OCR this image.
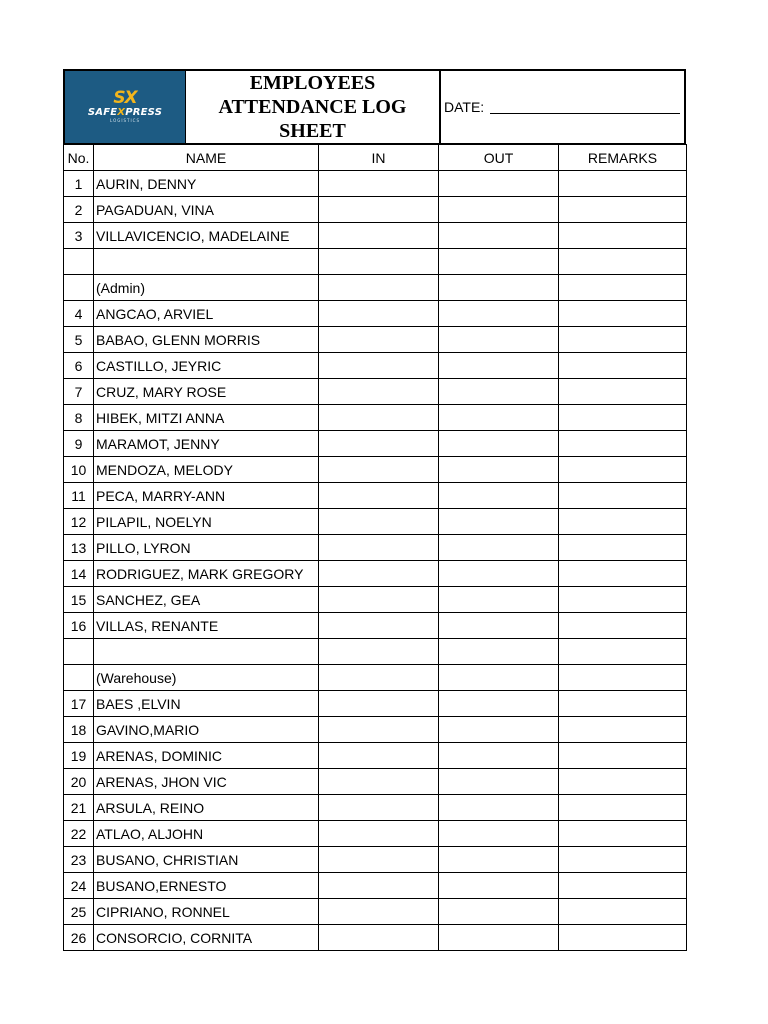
SX
SAFEXPRESS
LOGISTICS
EMPLOYEES
ATTENDANCE LOG
SHEET
DATE:
No.	NAME	IN	OUT	REMARKS
1	AURIN, DENNY			
2	PAGADUAN, VINA			
3	VILLAVICENCIO, MADELAINE			

	(Admin)			
4	ANGCAO, ARVIEL			
5	BABAO, GLENN MORRIS			
6	CASTILLO, JEYRIC			
7	CRUZ, MARY ROSE			
8	HIBEK, MITZI ANNA			
9	MARAMOT, JENNY			
10	MENDOZA, MELODY			
11	PECA, MARRY-ANN			
12	PILAPIL, NOELYN			
13	PILLO, LYRON			
14	RODRIGUEZ, MARK GREGORY			
15	SANCHEZ, GEA			
16	VILLAS, RENANTE			

	(Warehouse)			
17	BAES ,ELVIN			
18	GAVINO,MARIO			
19	ARENAS, DOMINIC			
20	ARENAS, JHON VIC			
21	ARSULA, REINO			
22	ATLAO, ALJOHN			
23	BUSANO, CHRISTIAN			
24	BUSANO,ERNESTO			
25	CIPRIANO, RONNEL			
26	CONSORCIO, CORNITA			
